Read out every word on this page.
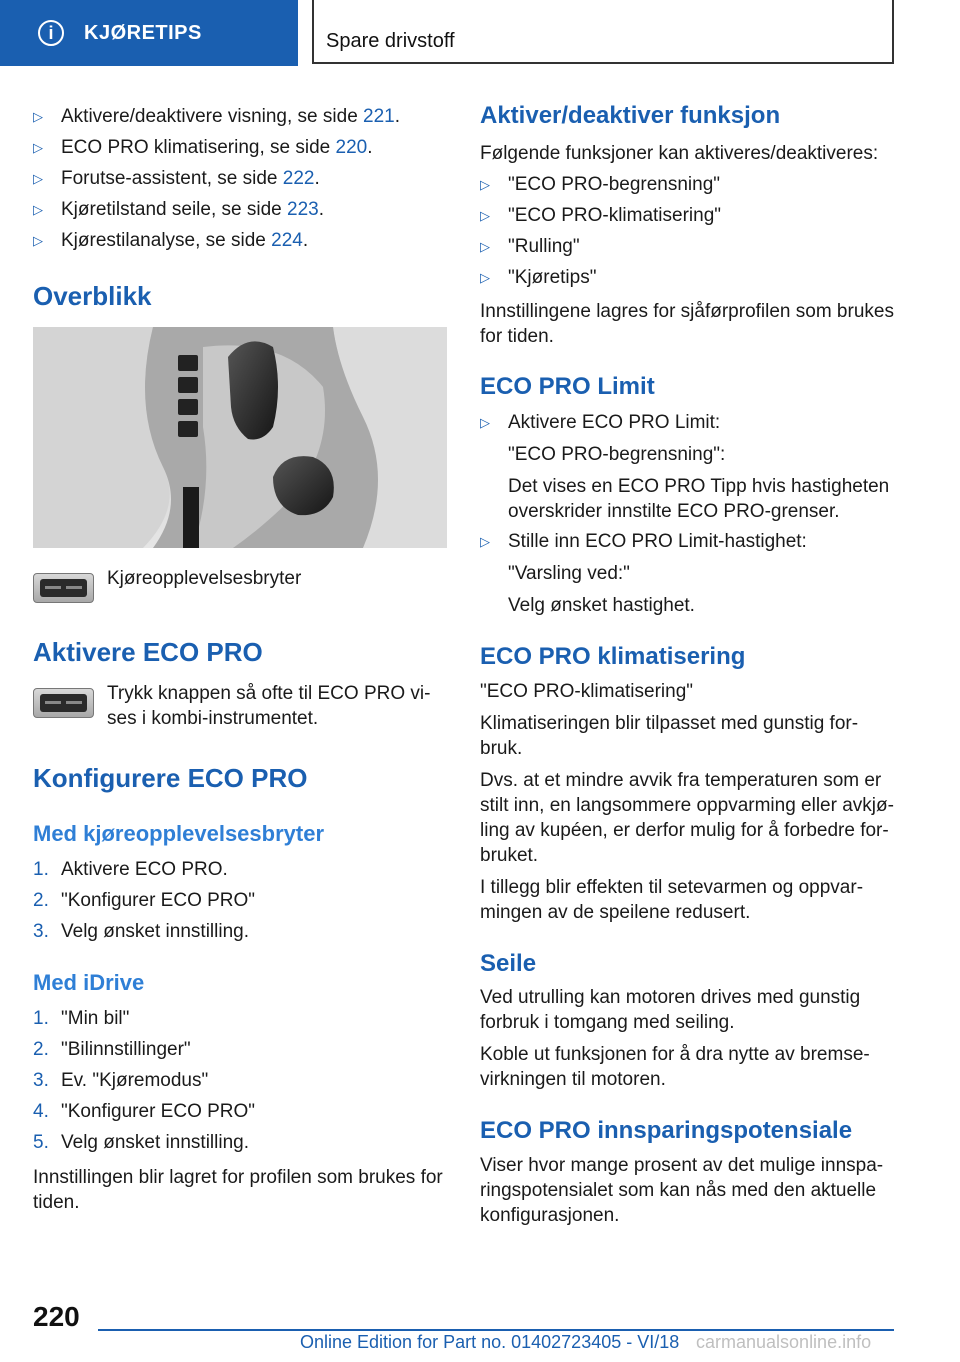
i	KJØRETIPS	Spare drivstoff
▷ Aktivere/deaktivere visning, se side 221.
▷ ECO PRO klimatisering, se side 220.
▷ Forutse-assistent, se side 222.
▷ Kjøretilstand seile, se side 223.
▷ Kjørestilanalyse, se side 224.
Overblikk
Kjøreopplevelsesbryter
Aktivere ECO PRO
Trykk knappen så ofte til ECO PRO vi-
ses i kombi-instrumentet.
Konfigurere ECO PRO
Med kjøreopplevelsesbryter
1. Aktivere ECO PRO.
2. "Konfigurer ECO PRO"
3. Velg ønsket innstilling.
Med iDrive
1. "Min bil"
2. "Bilinnstillinger"
3. Ev. "Kjøremodus"
4. "Konfigurer ECO PRO"
5. Velg ønsket innstilling.
Innstillingen blir lagret for profilen som brukes for
tiden.
Aktiver/deaktiver funksjon
Følgende funksjoner kan aktiveres/deaktiveres:
▷ "ECO PRO-begrensning"
▷ "ECO PRO-klimatisering"
▷ "Rulling"
▷ "Kjøretips"
Innstillingene lagres for sjåførprofilen som brukes
for tiden.
ECO PRO Limit
▷ Aktivere ECO PRO Limit:
"ECO PRO-begrensning":
Det vises en ECO PRO Tipp hvis hastigheten
overskrider innstilte ECO PRO-grenser.
▷ Stille inn ECO PRO Limit-hastighet:
"Varsling ved:"
Velg ønsket hastighet.
ECO PRO klimatisering
"ECO PRO-klimatisering"
Klimatiseringen blir tilpasset med gunstig for-
bruk.
Dvs. at et mindre avvik fra temperaturen som er
stilt inn, en langsommere oppvarming eller avkjø-
ling av kupéen, er derfor mulig for å forbedre for-
bruket.
I tillegg blir effekten til setevarmen og oppvar-
mingen av de speilene redusert.
Seile
Ved utrulling kan motoren drives med gunstig
forbruk i tomgang med seiling.
Koble ut funksjonen for å dra nytte av bremse-
virkningen til motoren.
ECO PRO innsparingspotensiale
Viser hvor mange prosent av det mulige innspa-
ringspotensialet som kan nås med den aktuelle
konfigurasjonen.
220
Online Edition for Part no. 01402723405 - VI/18 carmanualsonline.info
